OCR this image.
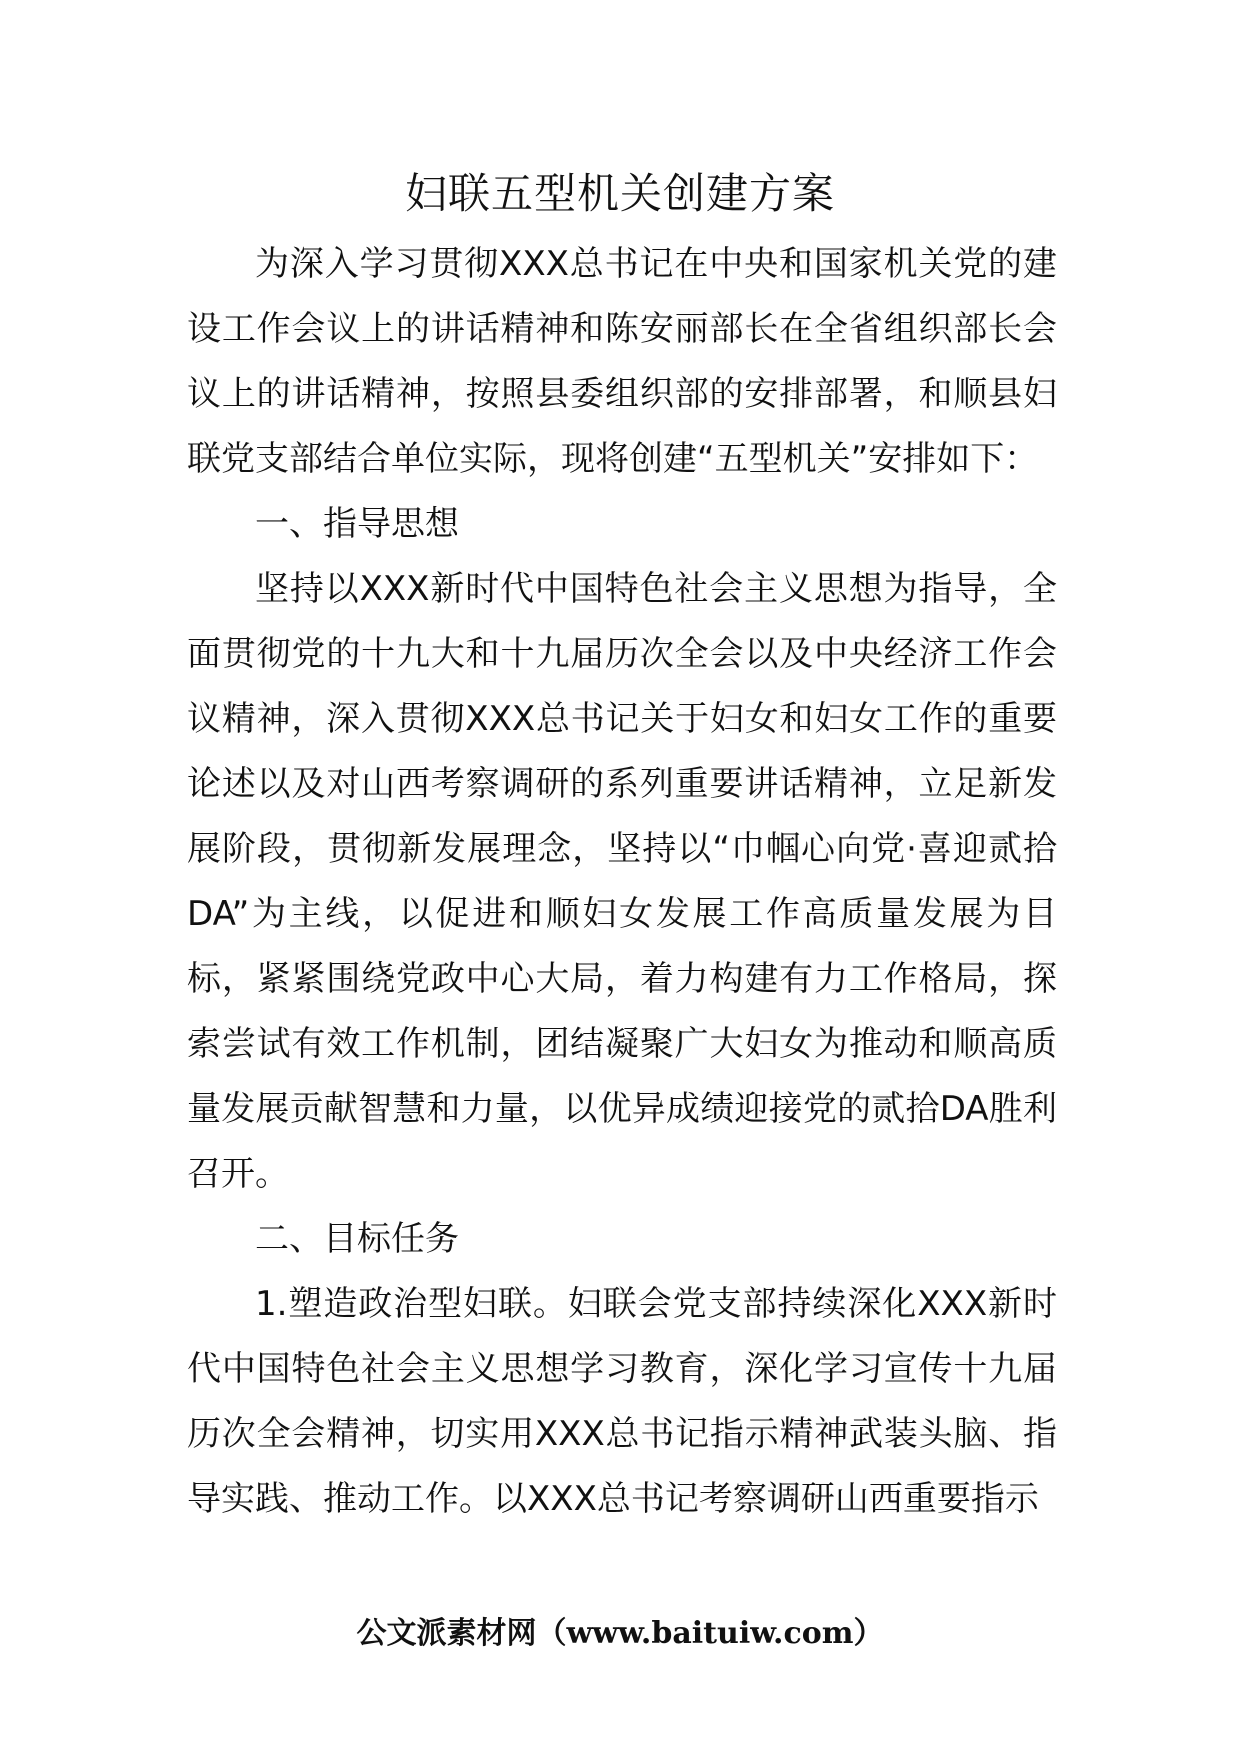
妇联五型机关创建方案

为深入学习贯彻XXX总书记在中央和国家机关党的建设工作会议上的讲话精神和陈安丽部长在全省组织部长会议上的讲话精神，按照县委组织部的安排部署，和顺县妇联党支部结合单位实际，现将创建“五型机关”安排如下：

一、指导思想

坚持以XXX新时代中国特色社会主义思想为指导，全面贯彻党的十九大和十九届历次全会以及中央经济工作会议精神，深入贯彻XXX总书记关于妇女和妇女工作的重要论述以及对山西考察调研的系列重要讲话精神，立足新发展阶段，贯彻新发展理念，坚持以“巾帼心向党·喜迎贰拾DA”为主线，以促进和顺妇女发展工作高质量发展为目标，紧紧围绕党政中心大局，着力构建有力工作格局，探索尝试有效工作机制，团结凝聚广大妇女为推动和顺高质量发展贡献智慧和力量，以优异成绩迎接党的贰拾DA胜利召开。

二、目标任务

1.塑造政治型妇联。妇联会党支部持续深化XXX新时代中国特色社会主义思想学习教育，深化学习宣传十九届历次全会精神，切实用XXX总书记指示精神武装头脑、指导实践、推动工作。以XXX总书记考察调研山西重要指示

公文派素材网（www.baituiw.com）
